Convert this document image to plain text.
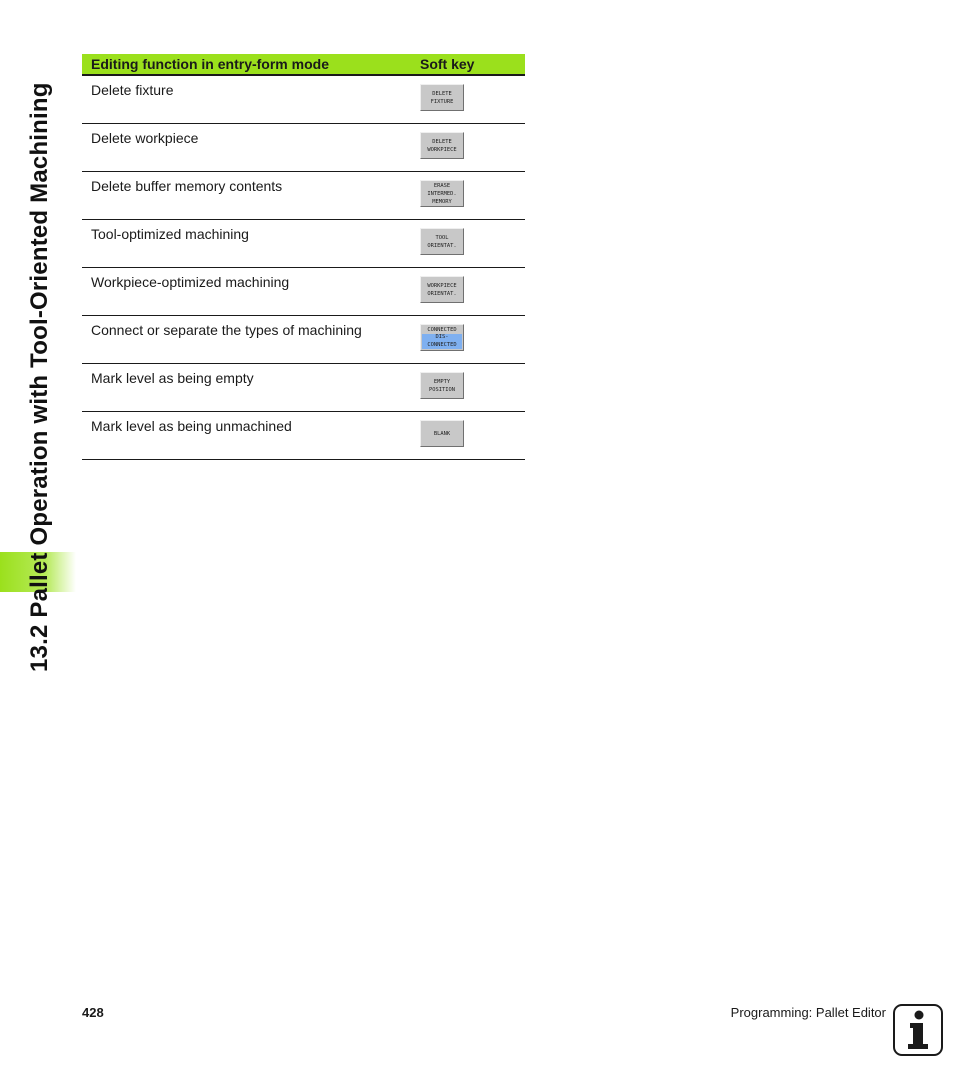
13.2 Pallet Operation with Tool-Oriented Machining
Editing function in entry-form mode	Soft key
Delete fixture	DELETE
FIXTURE
Delete workpiece	DELETE
WORKPIECE
Delete buffer memory contents	ERASE
INTERMED.
MEMORY
Tool-optimized machining	TOOL
ORIENTAT.
Workpiece-optimized machining	WORKPIECE
ORIENTAT.
Connect or separate the types of machining	CONNECTED
DIS-
CONNECTED
Mark level as being empty	EMPTY
POSITION
Mark level as being unmachined	BLANK
428	Programming: Pallet Editor
